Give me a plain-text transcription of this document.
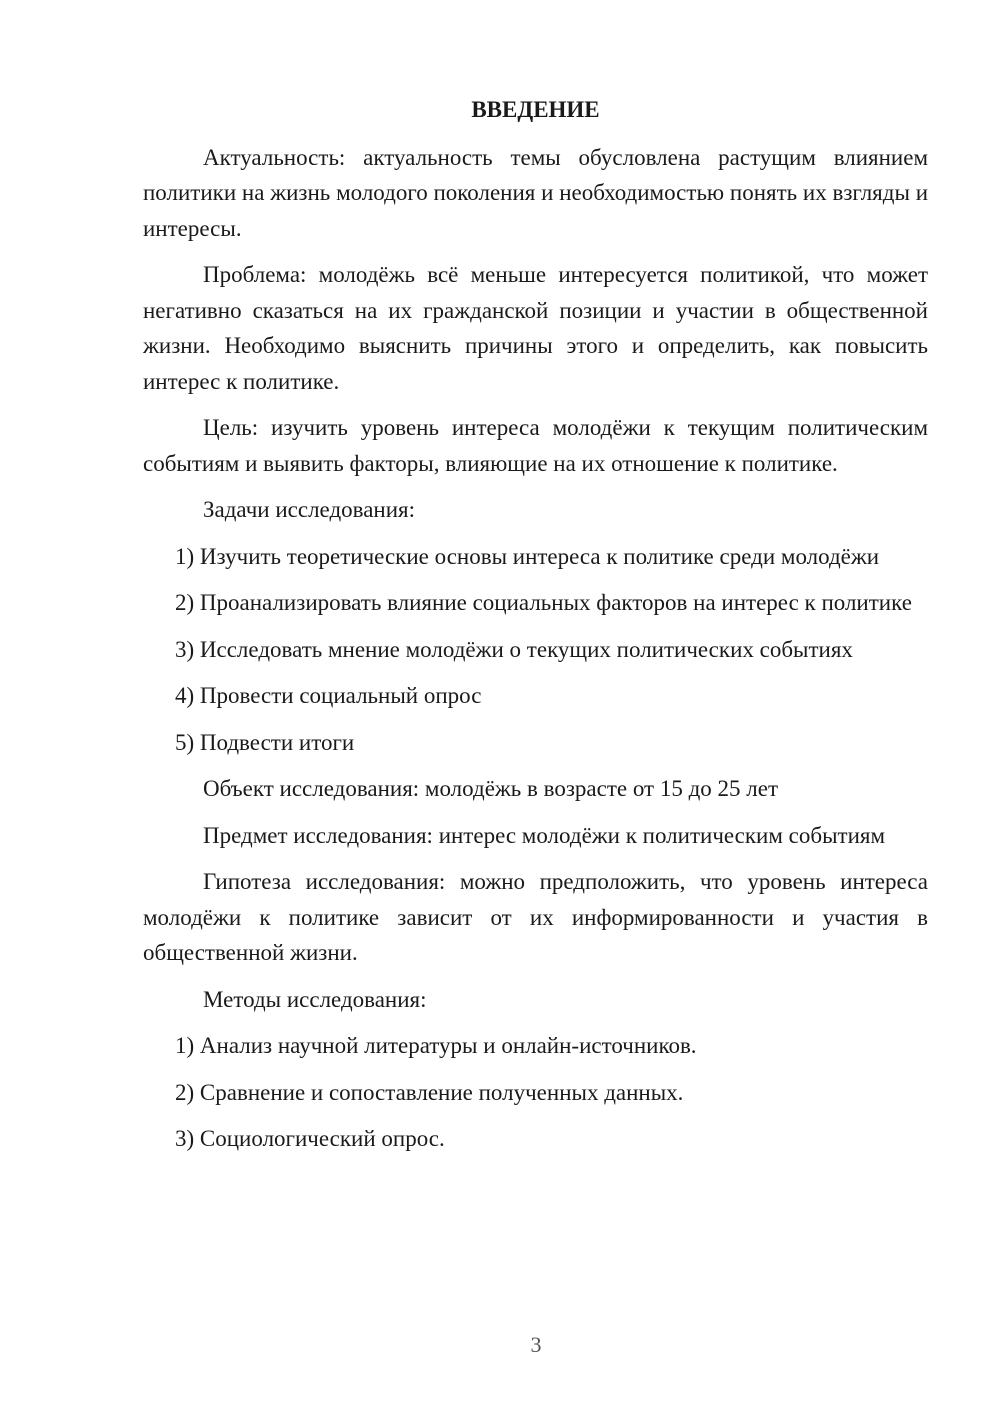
ВВЕДЕНИЕ

Актуальность: актуальность темы обусловлена растущим влиянием политики на жизнь молодого поколения и необходимостью понять их взгляды и интересы.

Проблема: молодёжь всё меньше интересуется политикой, что может негативно сказаться на их гражданской позиции и участии в общественной жизни. Необходимо выяснить причины этого и определить, как повысить интерес к политике.

Цель: изучить уровень интереса молодёжи к текущим политическим событиям и выявить факторы, влияющие на их отношение к политике.

Задачи исследования:

1) Изучить теоретические основы интереса к политике среди молодёжи

2) Проанализировать влияние социальных факторов на интерес к политике

3) Исследовать мнение молодёжи о текущих политических событиях

4) Провести социальный опрос

5) Подвести итоги

Объект исследования: молодёжь в возрасте от 15 до 25 лет

Предмет исследования: интерес молодёжи к политическим событиям

Гипотеза исследования: можно предположить, что уровень интереса молодёжи к политике зависит от их информированности и участия в общественной жизни.

Методы исследования:

1) Анализ научной литературы и онлайн-источников.

2) Сравнение и сопоставление полученных данных.

3) Социологический опрос.

3
